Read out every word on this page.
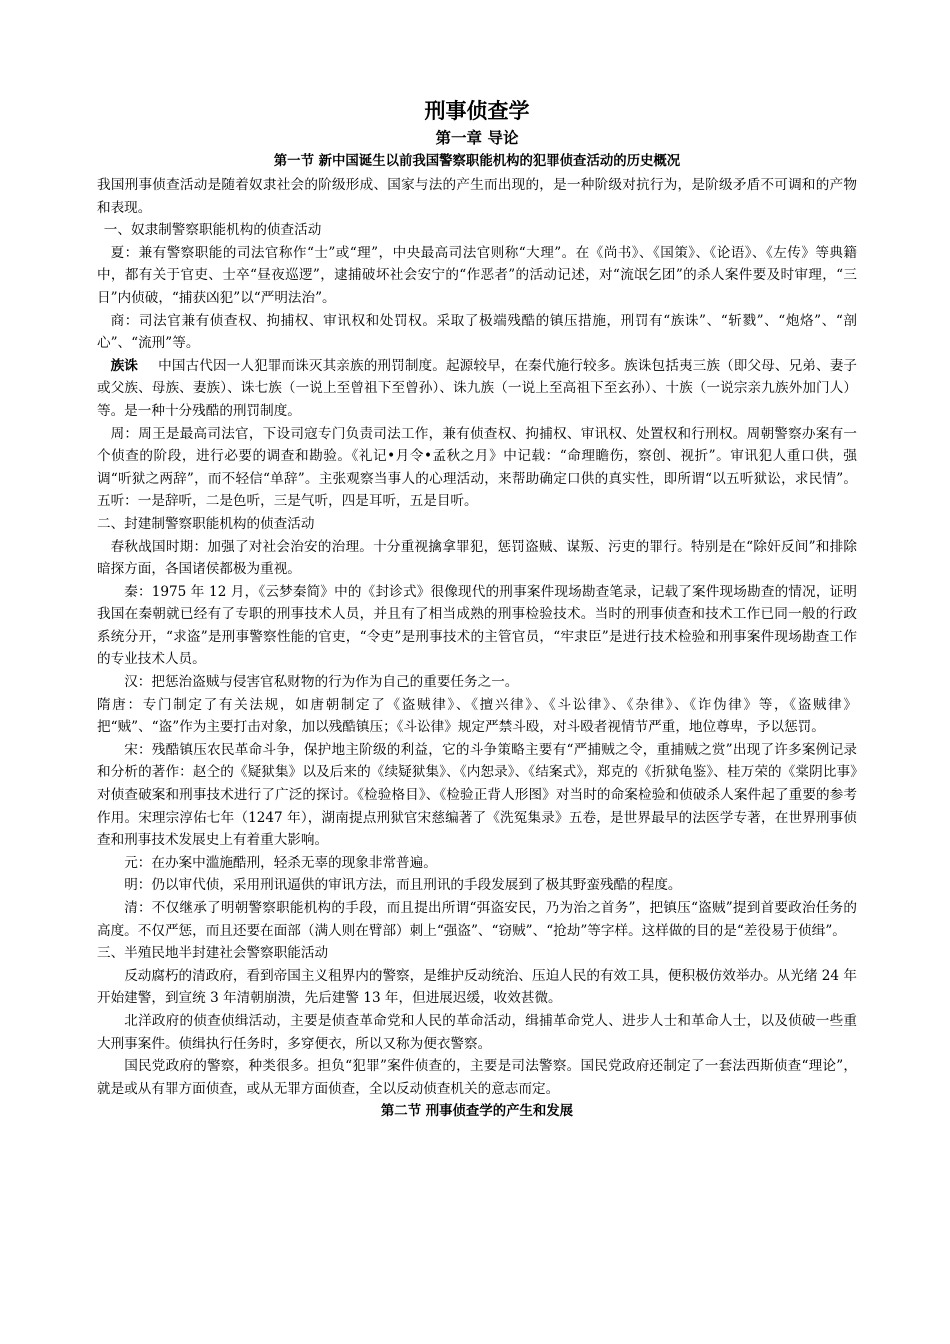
刑事侦查学

第一章 导论

第一节 新中国诞生以前我国警察职能机构的犯罪侦查活动的历史概况

我国刑事侦查活动是随着奴隶社会的阶级形成、国家与法的产生而出现的，是一种阶级对抗行为，是阶级矛盾不可调和的产物和表现。

一、奴隶制警察职能机构的侦查活动

夏：兼有警察职能的司法官称作“士”或“理”，中央最高司法官则称“大理”。在《尚书》、《国策》、《论语》、《左传》等典籍中，都有关于官吏、士卒“昼夜巡逻”，逮捕破坏社会安宁的“作恶者”的活动记述，对“流氓乞团”的杀人案件要及时审理，“三日”内侦破，“捕获凶犯”以“严明法治”。

商：司法官兼有侦查权、拘捕权、审讯权和处罚权。采取了极端残酷的镇压措施，刑罚有“族诛”、“斩戮”、“炮烙”、“剖心”、“流刑”等。

族诛 中国古代因一人犯罪而诛灭其亲族的刑罚制度。起源较早，在秦代施行较多。族诛包括夷三族（即父母、兄弟、妻子或父族、母族、妻族）、诛七族（一说上至曾祖下至曾孙）、诛九族（一说上至高祖下至玄孙）、十族（一说宗亲九族外加门人）等。是一种十分残酷的刑罚制度。

周：周王是最高司法官，下设司寇专门负责司法工作，兼有侦查权、拘捕权、审讯权、处置权和行刑权。周朝警察办案有一个侦查的阶段，进行必要的调查和勘验。《礼记•月令•孟秋之月》中记载：“命理瞻伤，察创、视折”。审讯犯人重口供，强调“听狱之两辞”，而不轻信“单辞”。主张观察当事人的心理活动，来帮助确定口供的真实性，即所谓“以五听狱讼，求民情”。五听：一是辞听，二是色听，三是气听，四是耳听，五是目听。

二、封建制警察职能机构的侦查活动

春秋战国时期：加强了对社会治安的治理。十分重视擒拿罪犯，惩罚盗贼、谋叛、污吏的罪行。特别是在“除奸反间”和排除暗探方面，各国诸侯都极为重视。

秦：1975 年 12 月，《云梦秦简》中的《封诊式》很像现代的刑事案件现场勘查笔录，记载了案件现场勘查的情况，证明我国在秦朝就已经有了专职的刑事技术人员，并且有了相当成熟的刑事检验技术。当时的刑事侦查和技术工作已同一般的行政系统分开，“求盗”是刑事警察性能的官吏，“令吏”是刑事技术的主管官员，“牢隶臣”是进行技术检验和刑事案件现场勘查工作的专业技术人员。

汉：把惩治盗贼与侵害官私财物的行为作为自己的重要任务之一。

隋唐：专门制定了有关法规，如唐朝制定了《盗贼律》、《擅兴律》、《斗讼律》、《杂律》、《诈伪律》等，《盗贼律》把“贼”、“盗”作为主要打击对象，加以残酷镇压；《斗讼律》规定严禁斗殴，对斗殴者视情节严重，地位尊卑，予以惩罚。

宋：残酷镇压农民革命斗争，保护地主阶级的利益，它的斗争策略主要有“严捕贼之令，重捕贼之赏”出现了许多案例记录和分析的著作：赵仝的《疑狱集》以及后来的《续疑狱集》、《内恕录》、《结案式》，郑克的《折狱龟鉴》、桂万荣的《棠阴比事》对侦查破案和刑事技术进行了广泛的探讨。《检验格目》、《检验正背人形图》对当时的命案检验和侦破杀人案件起了重要的参考作用。宋理宗淳佑七年（1247 年），湖南提点刑狱官宋慈编著了《洗冤集录》五卷，是世界最早的法医学专著，在世界刑事侦查和刑事技术发展史上有着重大影响。

元：在办案中滥施酷刑，轻杀无辜的现象非常普遍。

明：仍以审代侦，采用刑讯逼供的审讯方法，而且刑讯的手段发展到了极其野蛮残酷的程度。

清：不仅继承了明朝警察职能机构的手段，而且提出所谓“弭盗安民，乃为治之首务”，把镇压“盗贼”提到首要政治任务的高度。不仅严惩，而且还要在面部（满人则在臂部）刺上“强盗”、“窃贼”、“抢劫”等字样。这样做的目的是“差役易于侦缉”。

三、半殖民地半封建社会警察职能活动

反动腐朽的清政府，看到帝国主义租界内的警察，是维护反动统治、压迫人民的有效工具，便积极仿效举办。从光绪 24 年开始建警，到宣统 3 年清朝崩溃，先后建警 13 年，但进展迟缓，收效甚微。

北洋政府的侦查侦缉活动，主要是侦查革命党和人民的革命活动，缉捕革命党人、进步人士和革命人士，以及侦破一些重大刑事案件。侦缉执行任务时，多穿便衣，所以又称为便衣警察。

国民党政府的警察，种类很多。担负“犯罪”案件侦查的，主要是司法警察。国民党政府还制定了一套法西斯侦查“理论”，就是或从有罪方面侦查，或从无罪方面侦查，全以反动侦查机关的意志而定。

第二节 刑事侦查学的产生和发展
